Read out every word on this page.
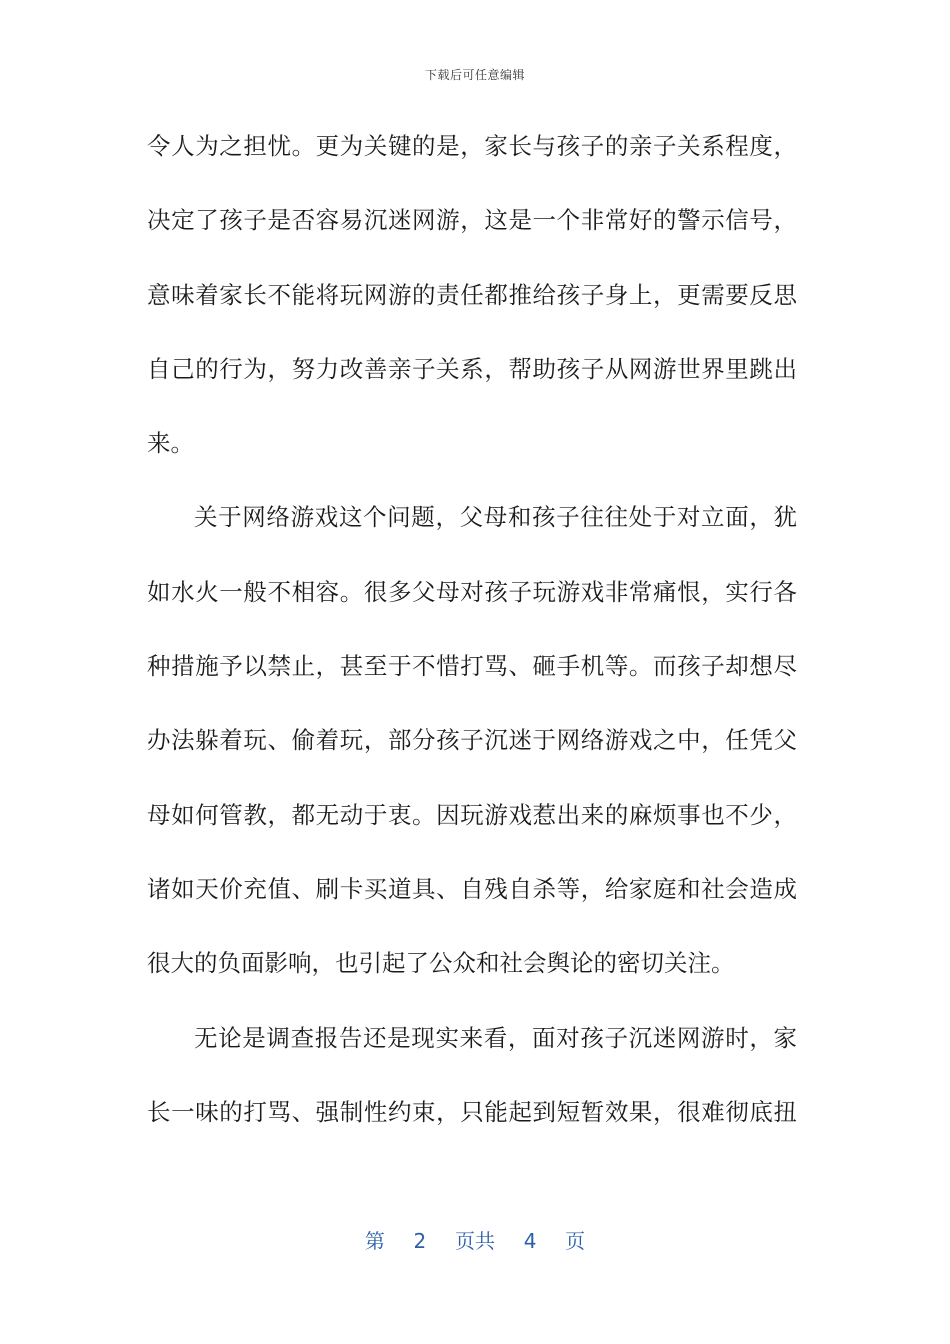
下载后可任意编辑
令人为之担忧。更为关键的是，家长与孩子的亲子关系程度，
决定了孩子是否容易沉迷网游，这是一个非常好的警示信号，
意味着家长不能将玩网游的责任都推给孩子身上，更需要反思
自己的行为，努力改善亲子关系，帮助孩子从网游世界里跳出
来。
关于网络游戏这个问题，父母和孩子往往处于对立面，犹
如水火一般不相容。很多父母对孩子玩游戏非常痛恨，实行各
种措施予以禁止，甚至于不惜打骂、砸手机等。而孩子却想尽
办法躲着玩、偷着玩，部分孩子沉迷于网络游戏之中，任凭父
母如何管教，都无动于衷。因玩游戏惹出来的麻烦事也不少，
诸如天价充值、刷卡买道具、自残自杀等，给家庭和社会造成
很大的负面影响，也引起了公众和社会舆论的密切关注。
无论是调查报告还是现实来看，面对孩子沉迷网游时，家
长一味的打骂、强制性约束，只能起到短暂效果，很难彻底扭
第 2 页共 4 页
